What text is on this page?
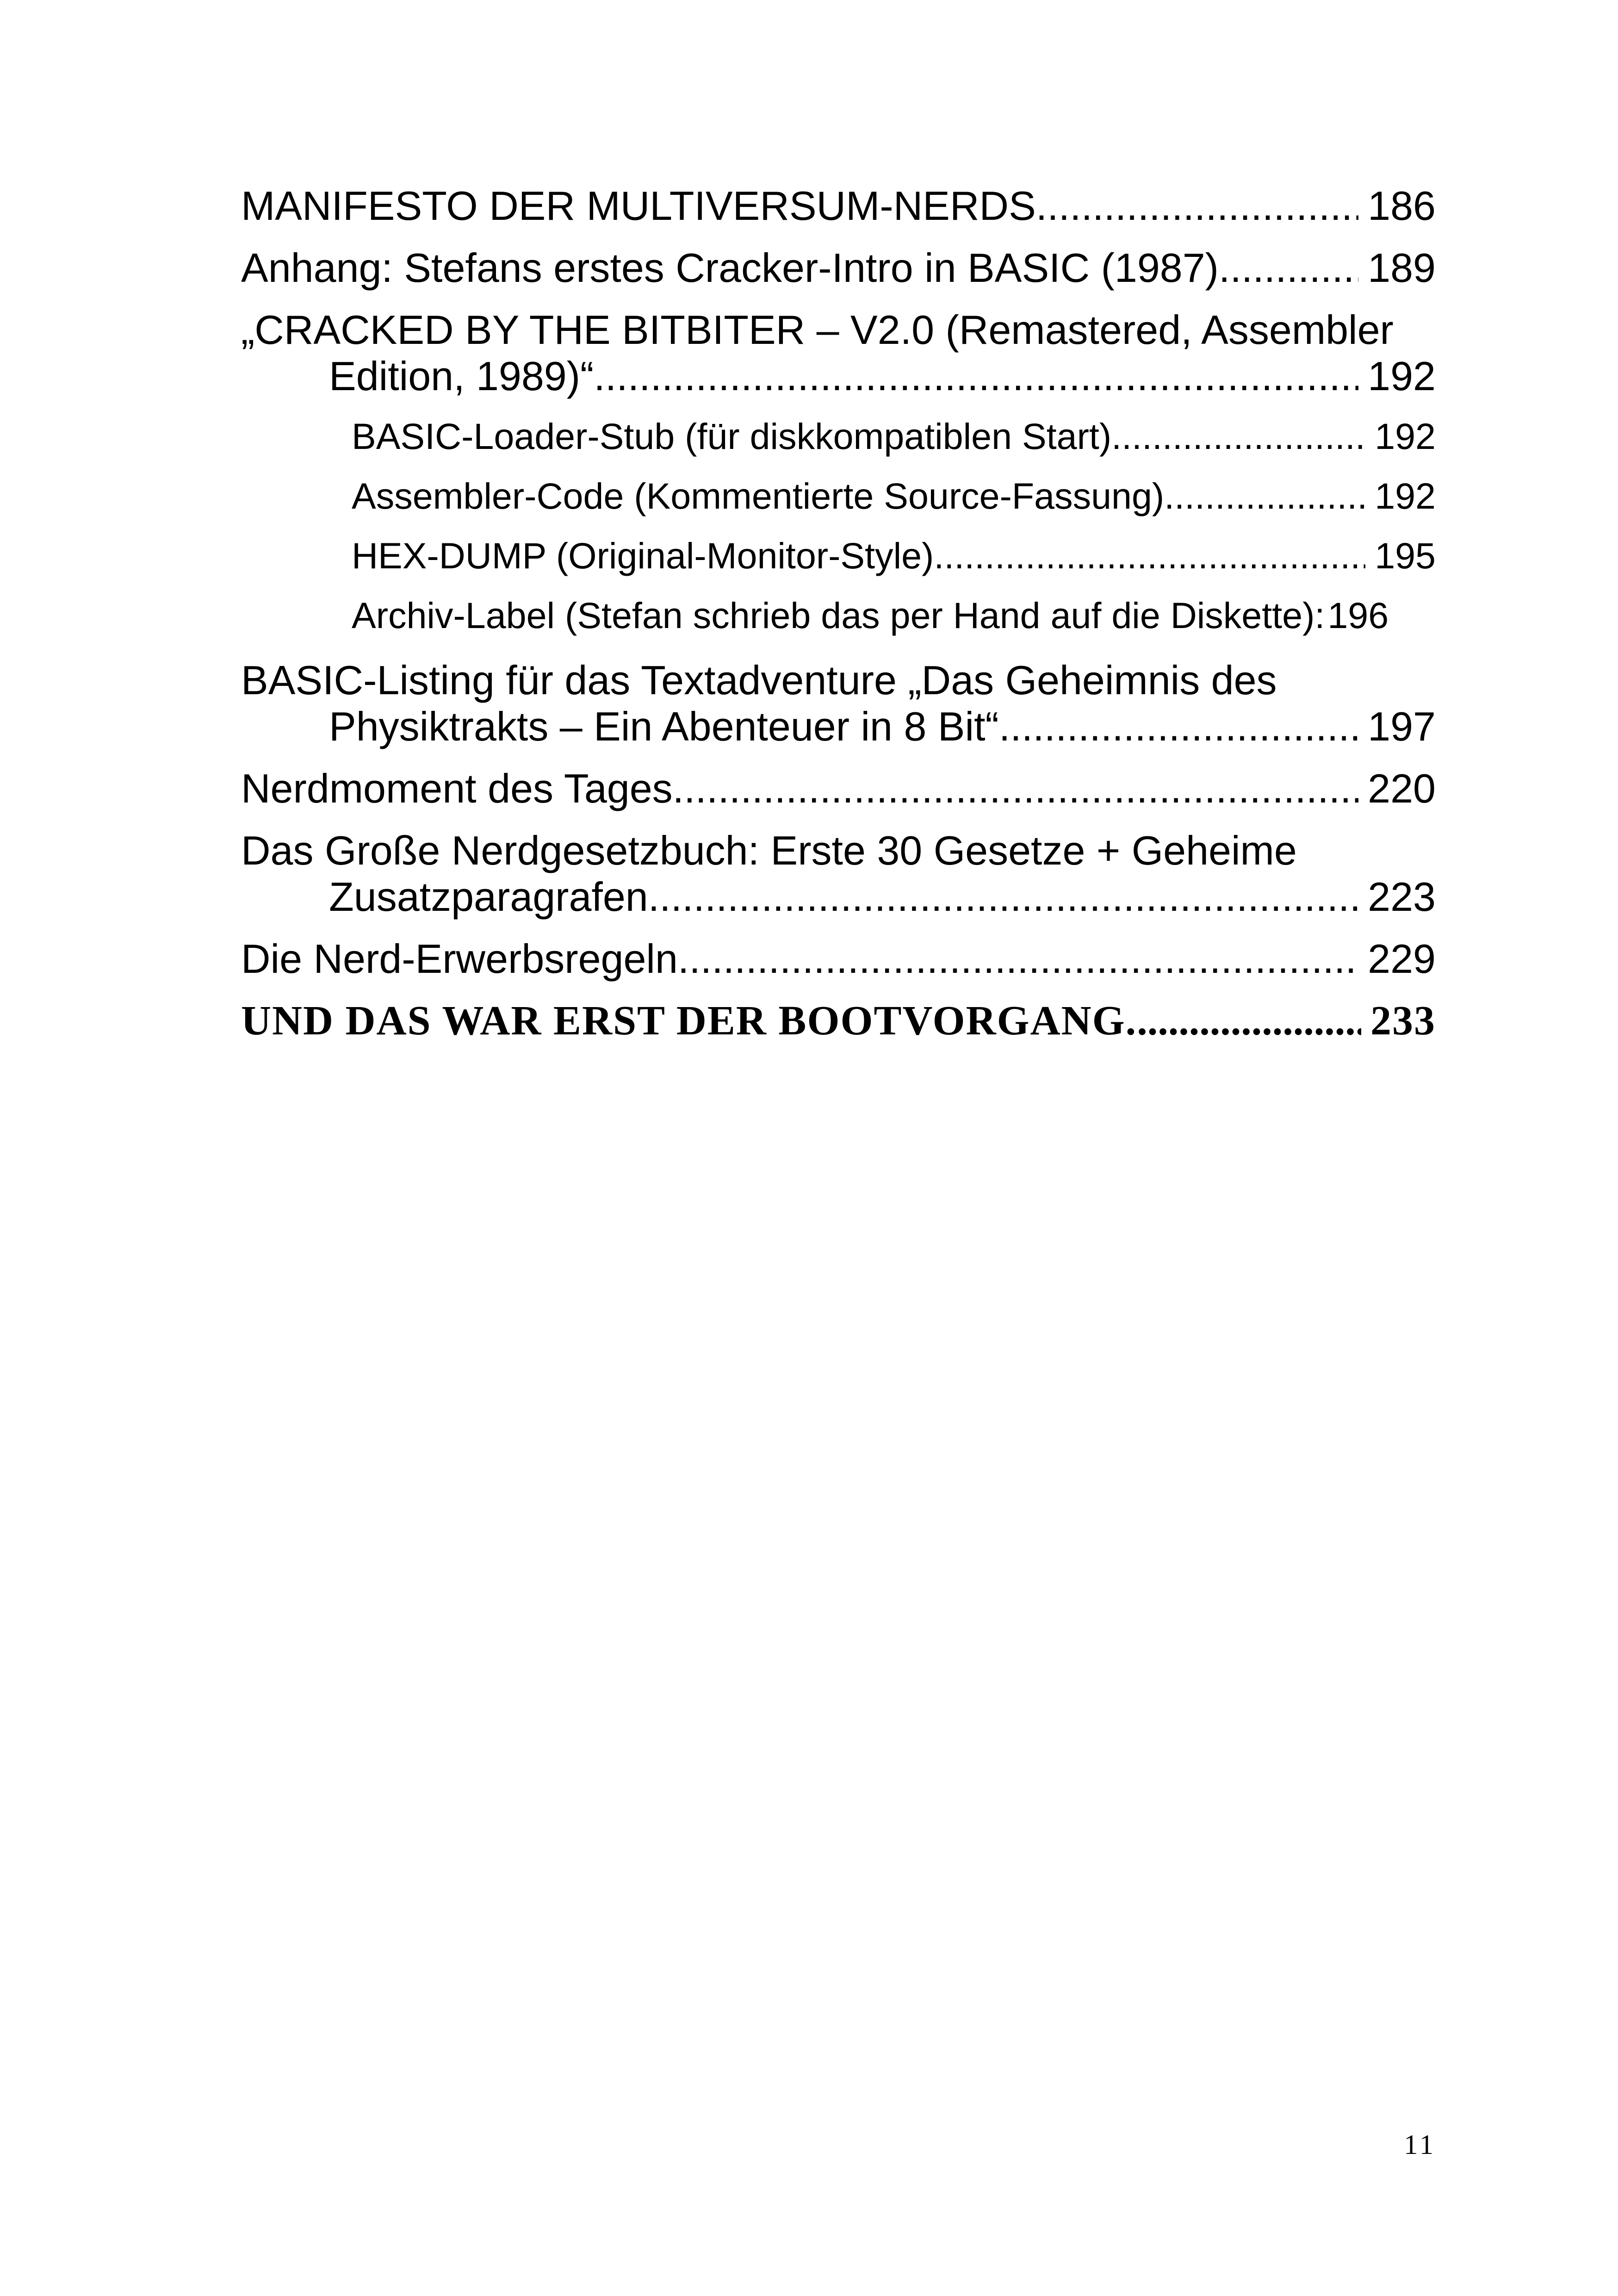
MANIFESTO DER MULTIVERSUM-NERDS .....	186
Anhang: Stefans erstes Cracker-Intro in BASIC (1987) .....	189
„CRACKED BY THE BITBITER – V2.0 (Remastered, Assembler
Edition, 1989)“ .....	192
BASIC-Loader-Stub (für diskkompatiblen Start) .....	192
Assembler-Code (Kommentierte Source-Fassung) .....	192
HEX-DUMP (Original-Monitor-Style) .....	195
Archiv-Label (Stefan schrieb das per Hand auf die Diskette): 196
BASIC-Listing für das Textadventure „Das Geheimnis des
Physiktrakts – Ein Abenteuer in 8 Bit“ .....	197
Nerdmoment des Tages .....	220
Das Große Nerdgesetzbuch: Erste 30 Gesetze + Geheime
Zusatzparagrafen .....	223
Die Nerd-Erwerbsregeln .....	229
UND DAS WAR ERST DER BOOTVORGANG. .....	233
11
